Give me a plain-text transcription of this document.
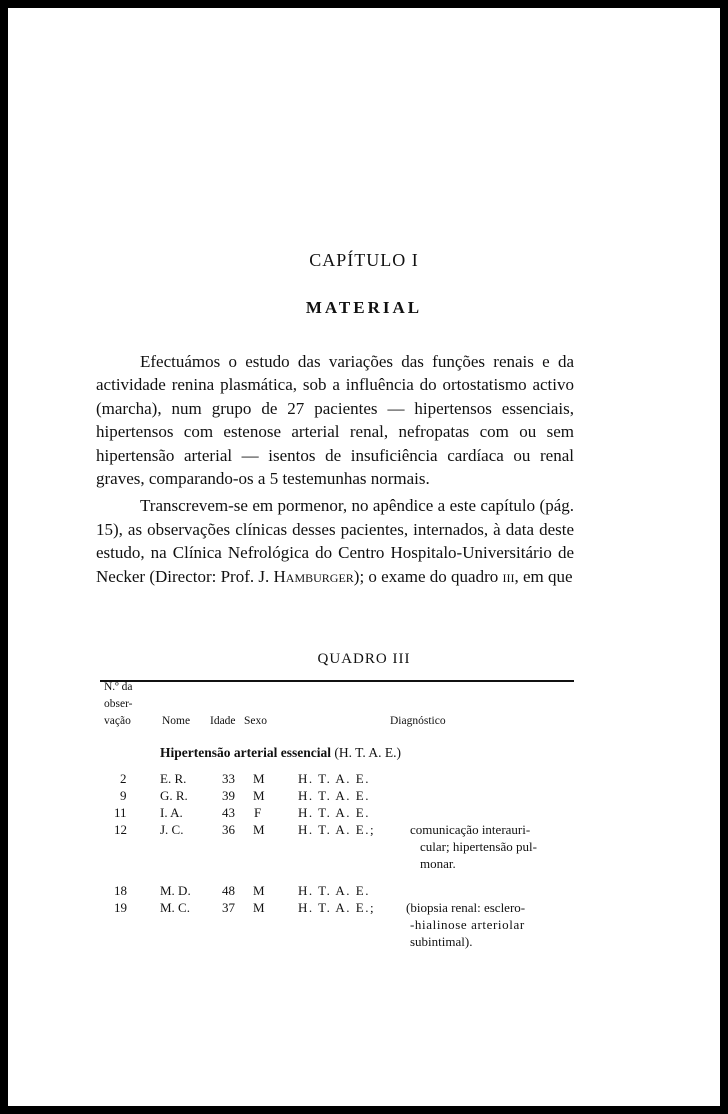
CAPÍTULO I
MATERIAL

Efectuámos o estudo das variações das funções renais e da actividade renina plasmática, sob a influência do ortostatismo activo (marcha), num grupo de 27 pacientes — hipertensos essenciais, hipertensos com estenose arterial renal, nefropatas com ou sem hipertensão arterial — isentos de insuficiência cardíaca ou renal graves, comparando-os a 5 testemunhas normais.

Transcrevem-se em pormenor, no apêndice a este capítulo (pág. 15), as observações clínicas desses pacientes, internados, à data deste estudo, na Clínica Nefrológica do Centro Hospitalo-Universitário de Necker (Director: Prof. J. Hamburger); o exame do quadro iii, em que

QUADRO III
N.º da
obser-
vação	Nome Idade Sexo	Diagnóstico
Hipertensão arterial essencial (H. T. A. E.)
2	E. R.	33 M	H. T. A. E.
9	G. R.	39 M	H. T. A. E.
11	I. A.	43 F	H. T. A. E.
12	J. C.	36 M	H. T. A. E.;	comunicação interauri-
cular; hipertensão pul-
monar.
18	M. D. 48 M	H. T. A. E.
19	M. C. 37 M	H. T. A. E.; (biopsia renal: esclero-
-hialinose arteriolar
subintimal).
